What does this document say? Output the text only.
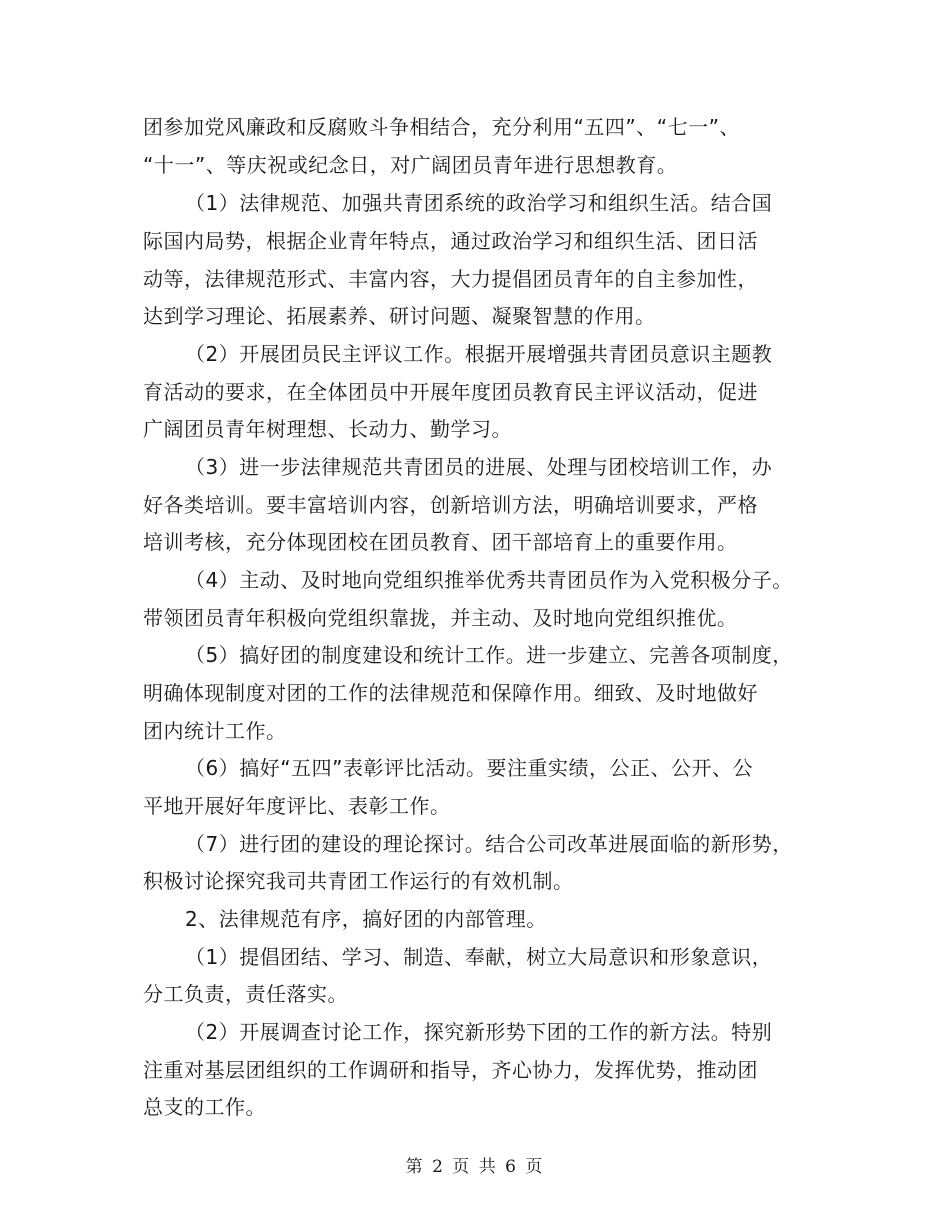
团参加党风廉政和反腐败斗争相结合，充分利用“五四”、“七一”、
“十一”、等庆祝或纪念日，对广阔团员青年进行思想教育。
（1）法律规范、加强共青团系统的政治学习和组织生活。结合国
际国内局势，根据企业青年特点，通过政治学习和组织生活、团日活
动等，法律规范形式、丰富内容，大力提倡团员青年的自主参加性，
达到学习理论、拓展素养、研讨问题、凝聚智慧的作用。
（2）开展团员民主评议工作。根据开展增强共青团员意识主题教
育活动的要求，在全体团员中开展年度团员教育民主评议活动，促进
广阔团员青年树理想、长动力、勤学习。
（3）进一步法律规范共青团员的进展、处理与团校培训工作，办
好各类培训。要丰富培训内容，创新培训方法，明确培训要求，严格
培训考核，充分体现团校在团员教育、团干部培育上的重要作用。
（4）主动、及时地向党组织推举优秀共青团员作为入党积极分子。
带领团员青年积极向党组织靠拢，并主动、及时地向党组织推优。
（5）搞好团的制度建设和统计工作。进一步建立、完善各项制度，
明确体现制度对团的工作的法律规范和保障作用。细致、及时地做好
团内统计工作。
（6）搞好“五四”表彰评比活动。要注重实绩，公正、公开、公
平地开展好年度评比、表彰工作。
（7）进行团的建设的理论探讨。结合公司改革进展面临的新形势，
积极讨论探究我司共青团工作运行的有效机制。
2、法律规范有序，搞好团的内部管理。
（1）提倡团结、学习、制造、奉献，树立大局意识和形象意识，
分工负责，责任落实。
（2）开展调查讨论工作，探究新形势下团的工作的新方法。特别
注重对基层团组织的工作调研和指导，齐心协力，发挥优势，推动团
总支的工作。
第 2 页 共 6 页
